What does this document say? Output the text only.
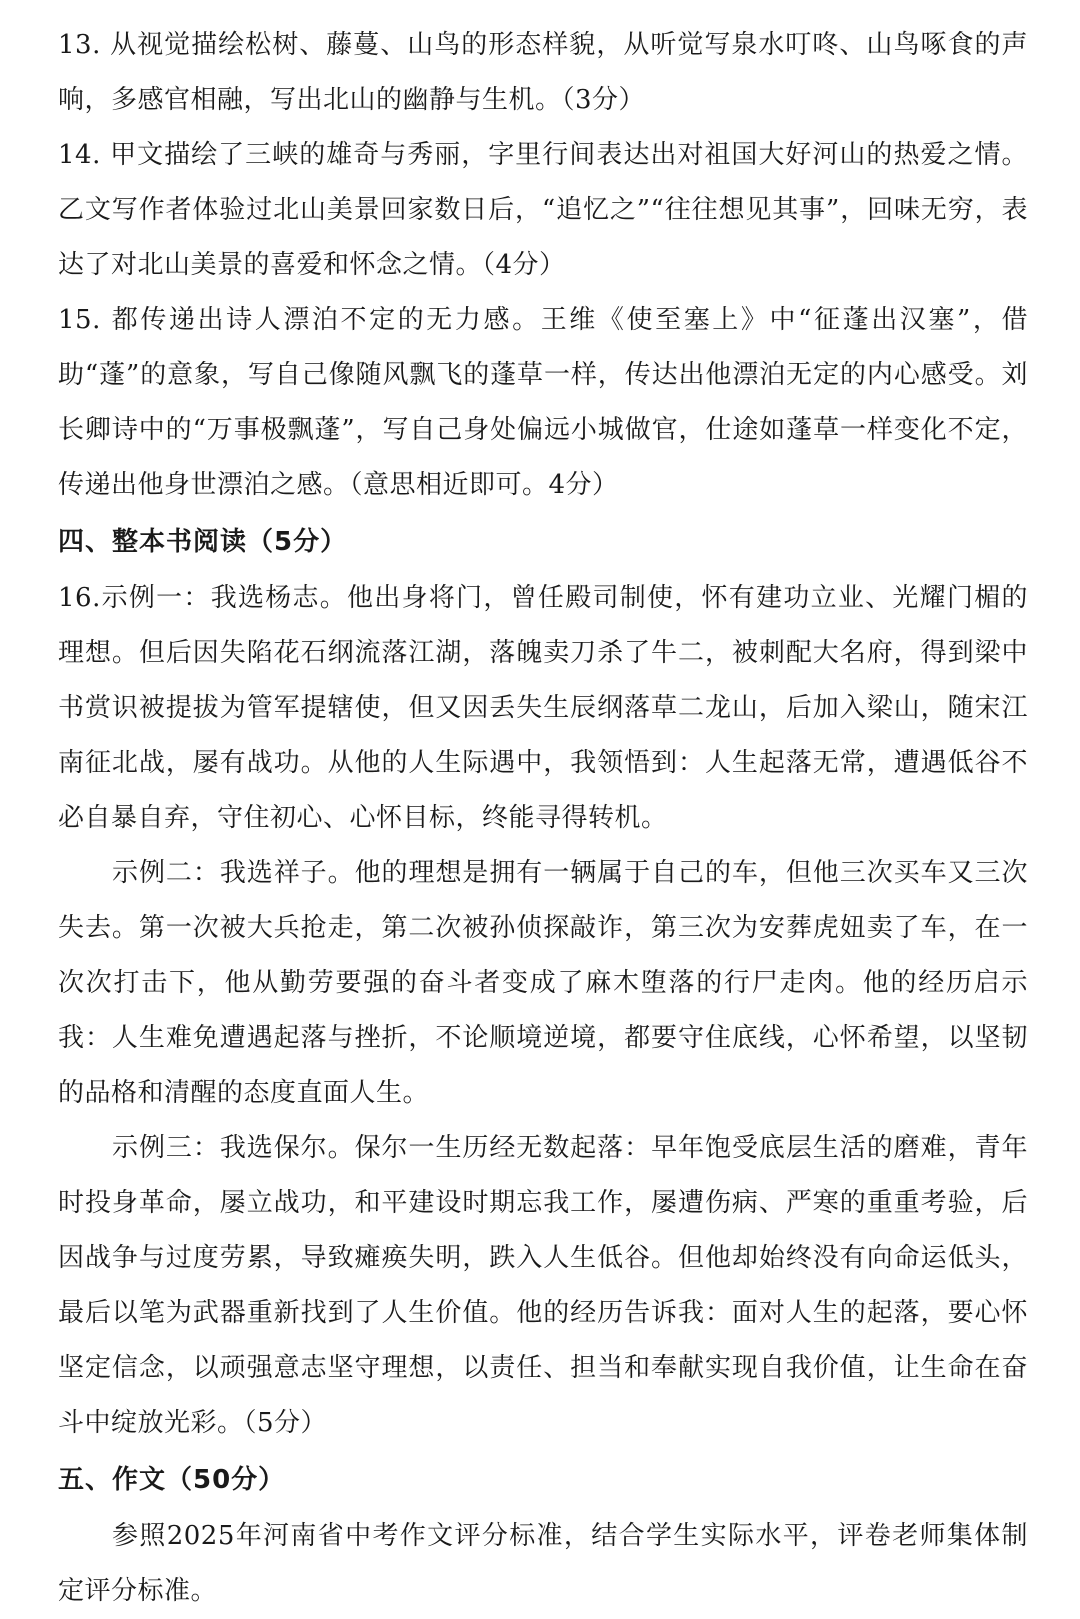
13. 从视觉描绘松树、藤蔓、山鸟的形态样貌，从听觉写泉水叮咚、山鸟啄食的声响，多感官相融，写出北山的幽静与生机。（3分）

14. 甲文描绘了三峡的雄奇与秀丽，字里行间表达出对祖国大好河山的热爱之情。乙文写作者体验过北山美景回家数日后，“追忆之”“往往想见其事”，回味无穷，表达了对北山美景的喜爱和怀念之情。（4分）

15. 都传递出诗人漂泊不定的无力感。王维《使至塞上》中“征蓬出汉塞”，借助“蓬”的意象，写自己像随风飘飞的蓬草一样，传达出他漂泊无定的内心感受。刘长卿诗中的“万事极飘蓬”，写自己身处偏远小城做官，仕途如蓬草一样变化不定，传递出他身世漂泊之感。（意思相近即可。4分）

四、整本书阅读（5分）

16.示例一：我选杨志。他出身将门，曾任殿司制使，怀有建功立业、光耀门楣的理想。但后因失陷花石纲流落江湖，落魄卖刀杀了牛二，被刺配大名府，得到梁中书赏识被提拔为管军提辖使，但又因丢失生辰纲落草二龙山，后加入梁山，随宋江南征北战，屡有战功。从他的人生际遇中，我领悟到：人生起落无常，遭遇低谷不必自暴自弃，守住初心、心怀目标，终能寻得转机。

示例二：我选祥子。他的理想是拥有一辆属于自己的车，但他三次买车又三次失去。第一次被大兵抢走，第二次被孙侦探敲诈，第三次为安葬虎妞卖了车，在一次次打击下，他从勤劳要强的奋斗者变成了麻木堕落的行尸走肉。他的经历启示我：人生难免遭遇起落与挫折，不论顺境逆境，都要守住底线，心怀希望，以坚韧的品格和清醒的态度直面人生。

示例三：我选保尔。保尔一生历经无数起落：早年饱受底层生活的磨难，青年时投身革命，屡立战功，和平建设时期忘我工作，屡遭伤病、严寒的重重考验，后因战争与过度劳累，导致瘫痪失明，跌入人生低谷。但他却始终没有向命运低头，最后以笔为武器重新找到了人生价值。他的经历告诉我：面对人生的起落，要心怀坚定信念，以顽强意志坚守理想，以责任、担当和奉献实现自我价值，让生命在奋斗中绽放光彩。（5分）

五、作文（50分）

参照2025年河南省中考作文评分标准，结合学生实际水平，评卷老师集体制定评分标准。
